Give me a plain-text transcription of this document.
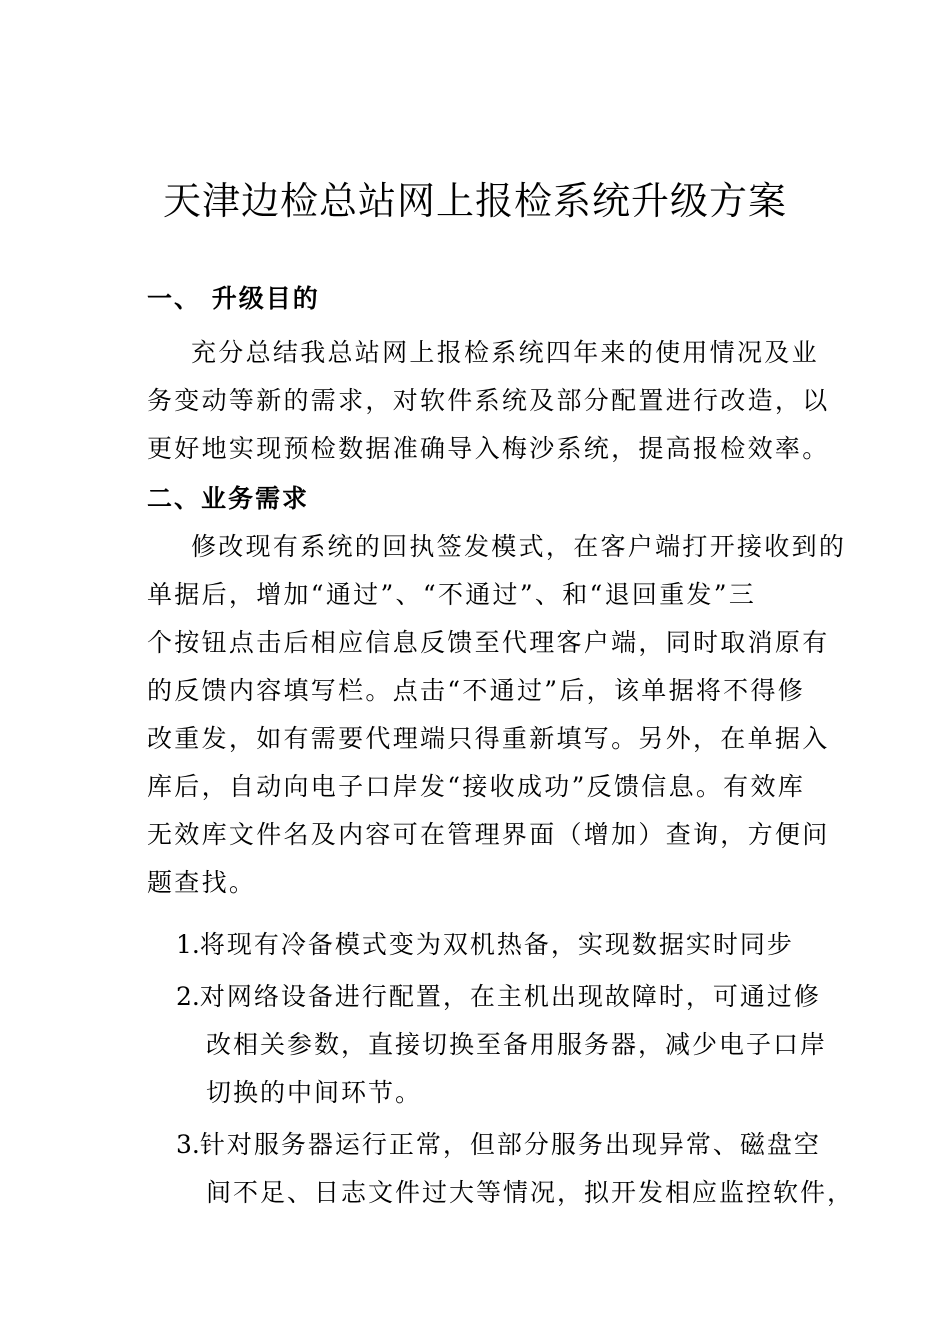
天津边检总站网上报检系统升级方案
一、 升级目的
充分总结我总站网上报检系统四年来的使用情况及业
务变动等新的需求，对软件系统及部分配置进行改造，以
更好地实现预检数据准确导入梅沙系统，提高报检效率。
二、业务需求
修改现有系统的回执签发模式，在客户端打开接收到的
单据后，增加“通过”、“不通过”、和“退回重发”三
个按钮点击后相应信息反馈至代理客户端，同时取消原有
的反馈内容填写栏。点击“不通过”后，该单据将不得修
改重发，如有需要代理端只得重新填写。另外，在单据入
库后，自动向电子口岸发“接收成功”反馈信息。有效库
无效库文件名及内容可在管理界面（增加）查询，方便问
题查找。
1.将现有冷备模式变为双机热备，实现数据实时同步
2.对网络设备进行配置，在主机出现故障时，可通过修
改相关参数，直接切换至备用服务器，减少电子口岸
切换的中间环节。
3.针对服务器运行正常，但部分服务出现异常、磁盘空
间不足、日志文件过大等情况，拟开发相应监控软件，
